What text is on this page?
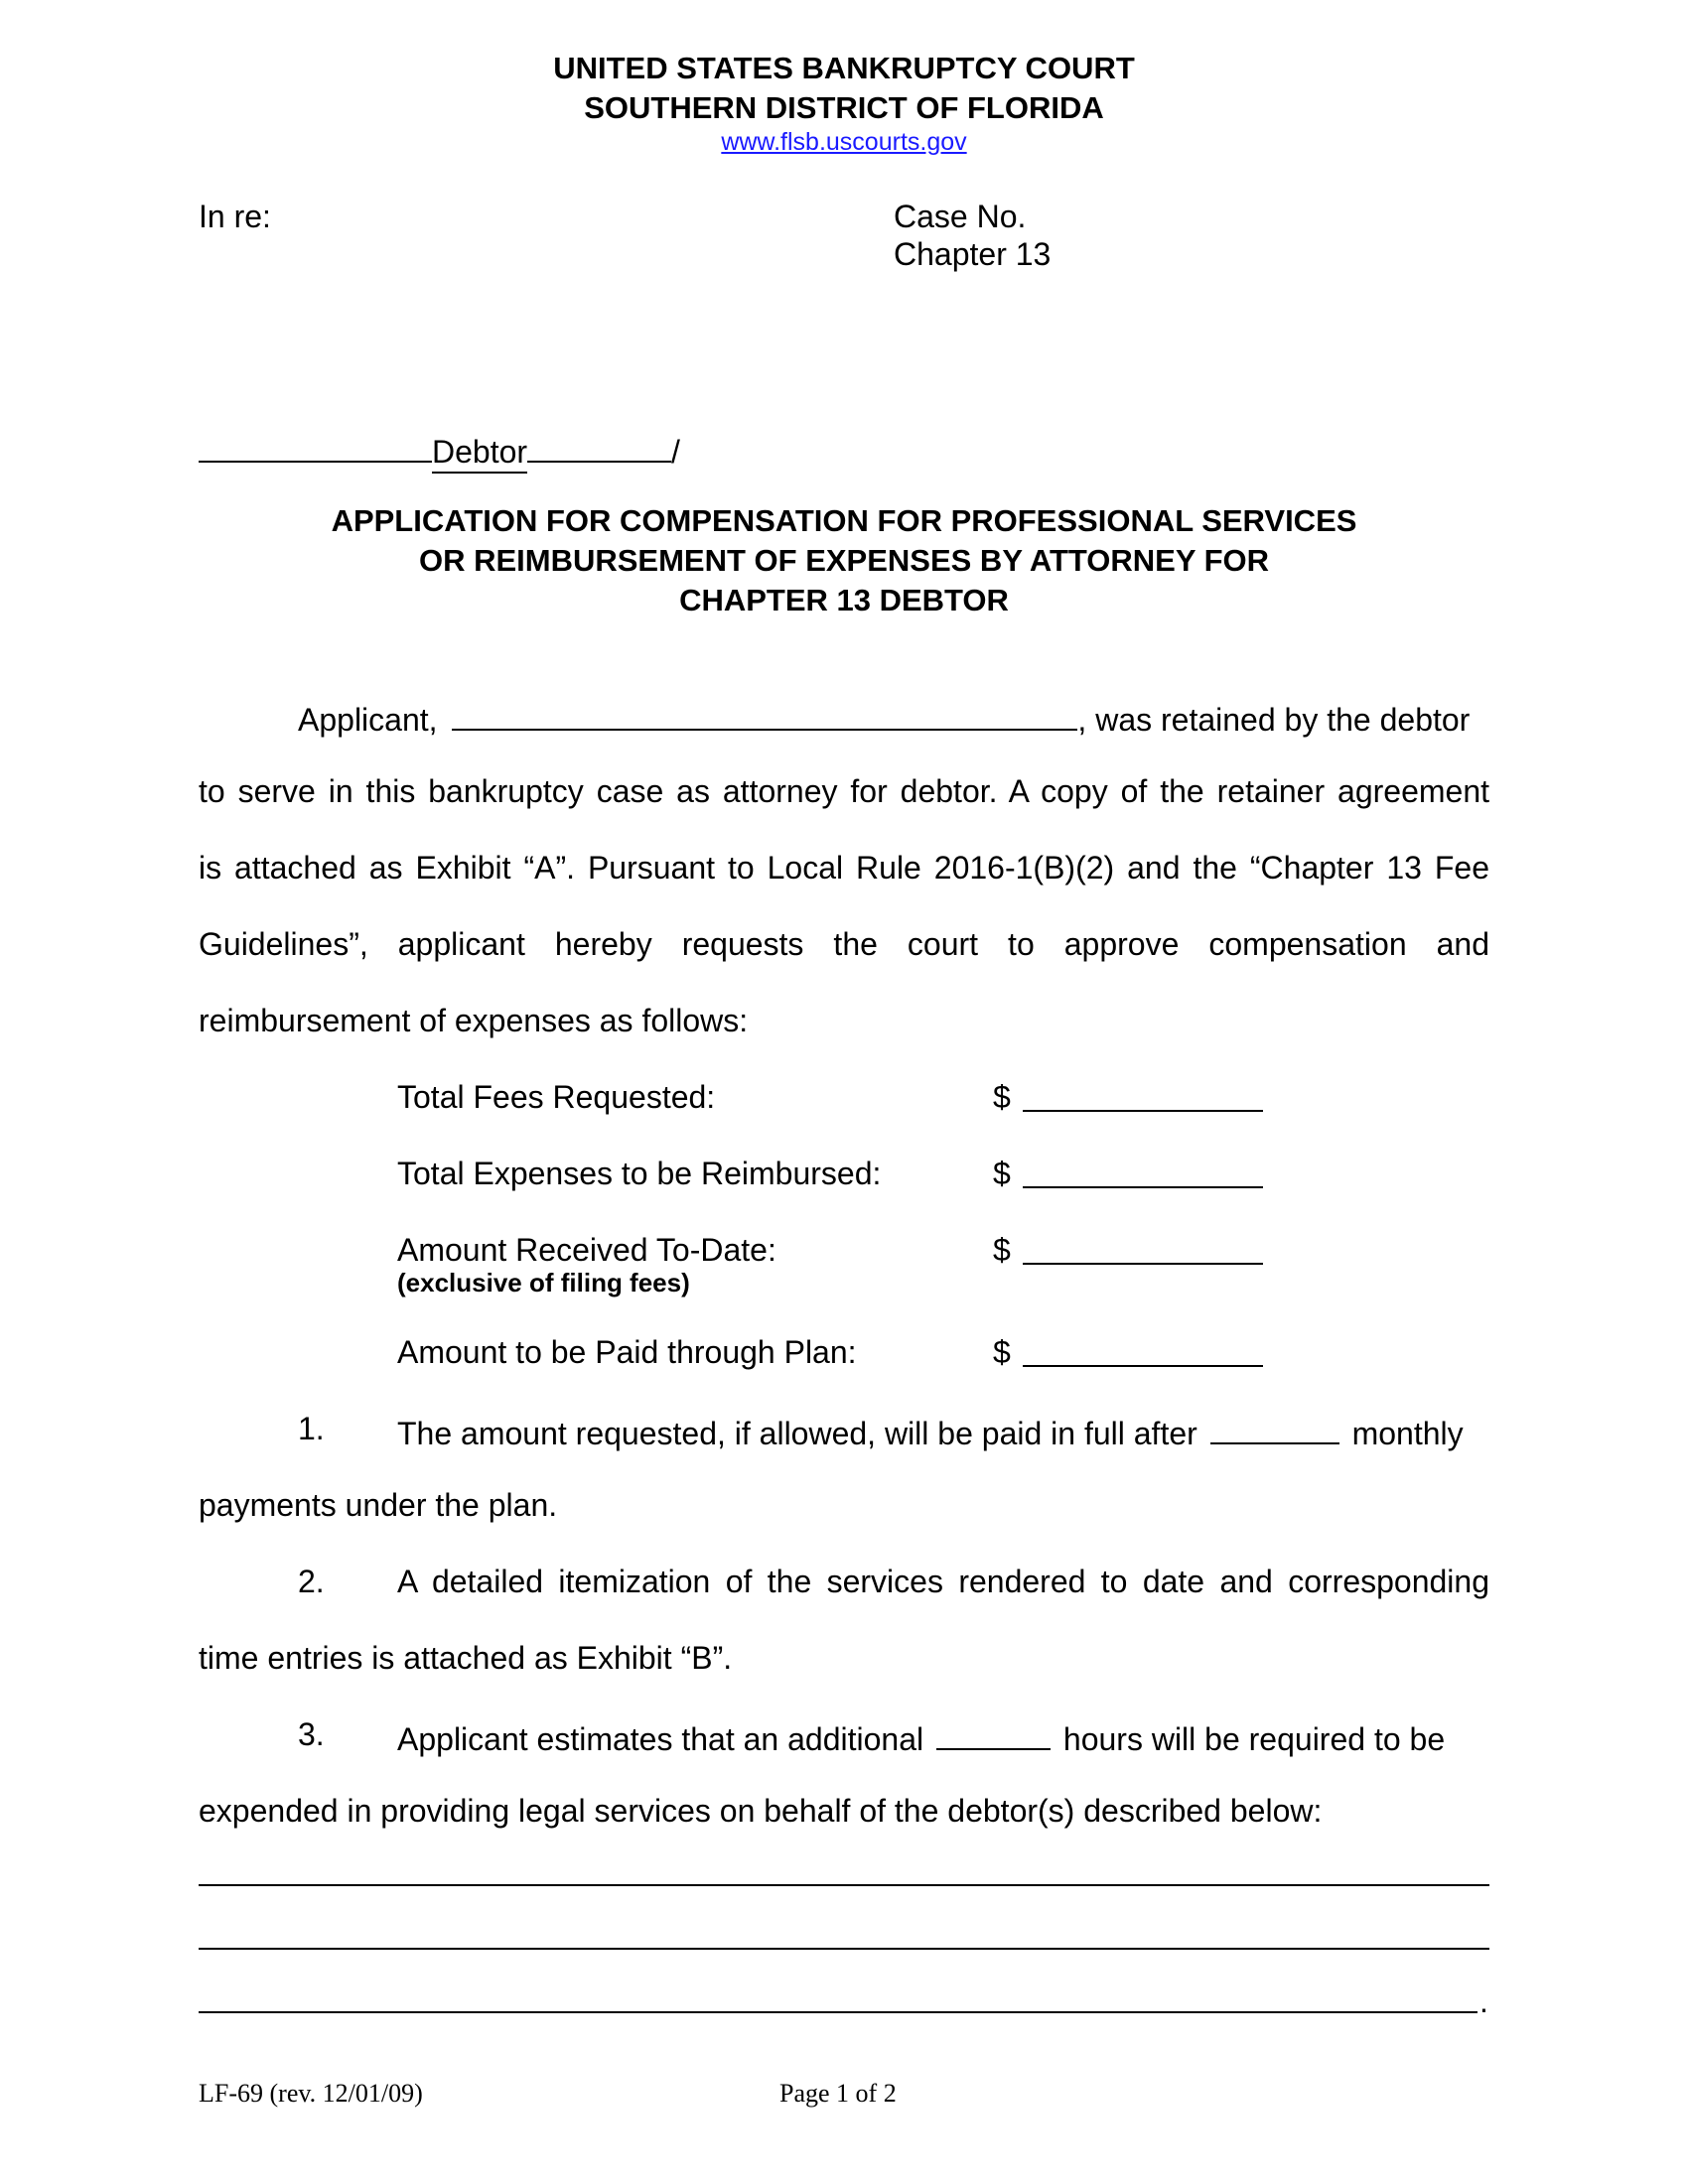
UNITED STATES BANKRUPTCY COURT
SOUTHERN DISTRICT OF FLORIDA
www.flsb.uscourts.gov
In re:	Case No.
Chapter 13
Debtor	/
APPLICATION FOR COMPENSATION FOR PROFESSIONAL SERVICES
OR REIMBURSEMENT OF EXPENSES BY ATTORNEY FOR
CHAPTER 13 DEBTOR
Applicant,	, was retained by the debtor
to serve in this bankruptcy case as attorney for debtor. A copy of the retainer agreement
is attached as Exhibit “A”. Pursuant to Local Rule 2016-1(B)(2) and the “Chapter 13 Fee
Guidelines”, applicant hereby requests the court to approve compensation and
reimbursement of expenses as follows:
Total Fees Requested:	$
Total Expenses to be Reimbursed:	$
Amount Received To-Date:
(exclusive of filing fees)
$
Amount to be Paid through Plan:	$
1. The amount requested, if allowed, will be paid in full after	monthly
payments under the plan.
2. A detailed itemization of the services rendered to date and corresponding
time entries is attached as Exhibit “B”.
3. Applicant estimates that an additional	hours will be required to be
expended in providing legal services on behalf of the debtor(s) described below:
.
LF-69 (rev. 12/01/09)	Page 1 of 2
